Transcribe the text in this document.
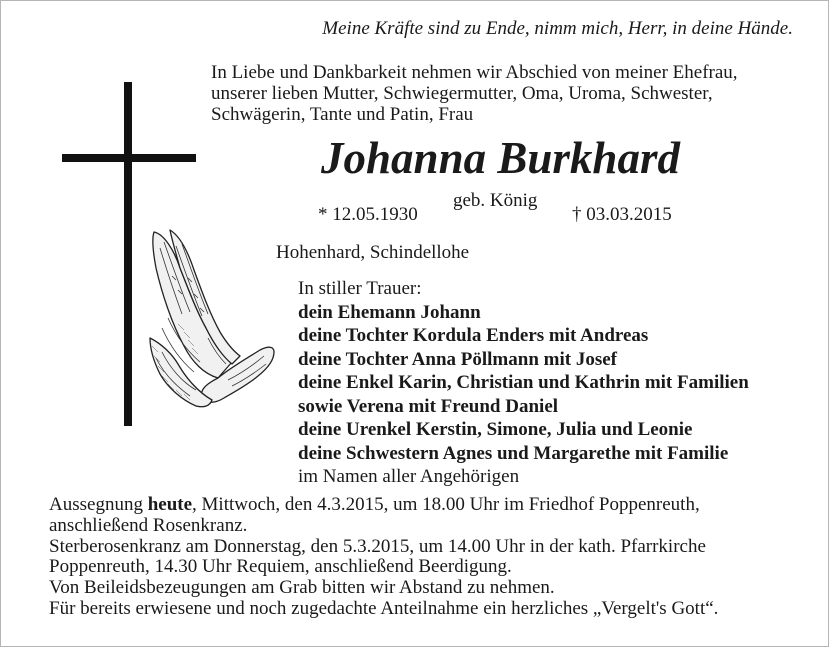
Meine Kräfte sind zu Ende, nimm mich, Herr, in deine Hände.
In Liebe und Dankbarkeit nehmen wir Abschied von meiner Ehefrau,
unserer lieben Mutter, Schwiegermutter, Oma, Uroma, Schwester,
Schwägerin, Tante und Patin, Frau
Johanna Burkhard
* 12.05.1930
geb. König
† 03.03.2015
Hohenhard, Schindellohe
In stiller Trauer:
dein Ehemann Johann
deine Tochter Kordula Enders mit Andreas
deine Tochter Anna Pöllmann mit Josef
deine Enkel Karin, Christian und Kathrin mit Familien
sowie Verena mit Freund Daniel
deine Urenkel Kerstin, Simone, Julia und Leonie
deine Schwestern Agnes und Margarethe mit Familie
im Namen aller Angehörigen
Aussegnung heute, Mittwoch, den 4.3.2015, um 18.00 Uhr im Friedhof Poppenreuth,
anschließend Rosenkranz.
Sterberosenkranz am Donnerstag, den 5.3.2015, um 14.00 Uhr in der kath. Pfarrkirche
Poppenreuth, 14.30 Uhr Requiem, anschließend Beerdigung.
Von Beileidsbezeugungen am Grab bitten wir Abstand zu nehmen.
Für bereits erwiesene und noch zugedachte Anteilnahme ein herzliches „Vergelt's Gott“.
